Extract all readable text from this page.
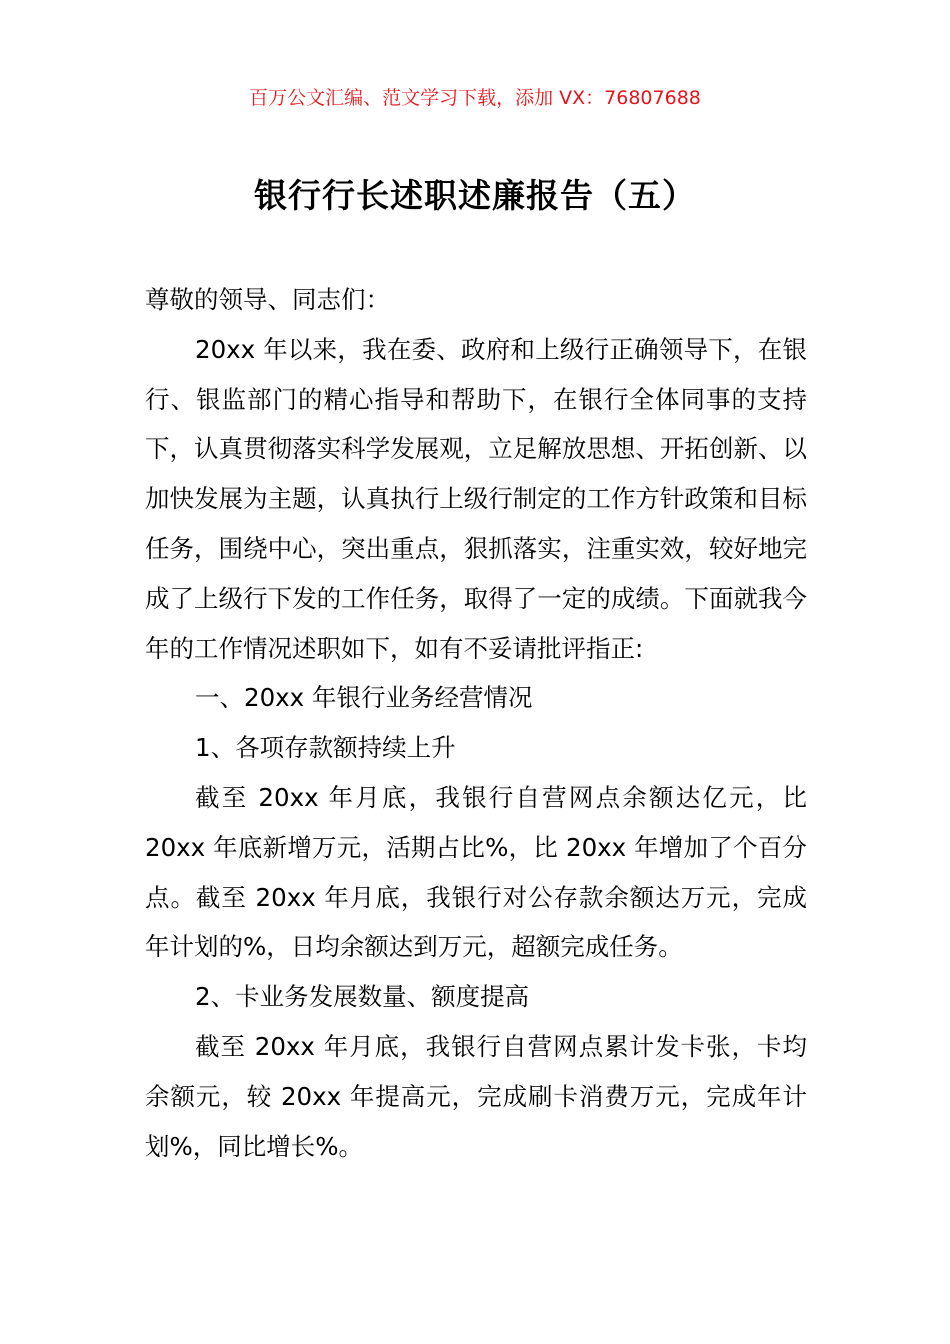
百万公文汇编、范文学习下载，添加 VX：76807688
银行行长述职述廉报告（五）

尊敬的领导、同志们：

20xx 年以来，我在委、政府和上级行正确领导下，在银行、银监部门的精心指导和帮助下，在银行全体同事的支持下，认真贯彻落实科学发展观，立足解放思想、开拓创新、以加快发展为主题，认真执行上级行制定的工作方针政策和目标任务，围绕中心，突出重点，狠抓落实，注重实效，较好地完成了上级行下发的工作任务，取得了一定的成绩。下面就我今年的工作情况述职如下，如有不妥请批评指正:

一、20xx 年银行业务经营情况

1、各项存款额持续上升

截至 20xx 年月底，我银行自营网点余额达亿元，比 20xx 年底新增万元，活期占比%，比 20xx 年增加了个百分点。截至 20xx 年月底，我银行对公存款余额达万元，完成年计划的%，日均余额达到万元，超额完成任务。

2、卡业务发展数量、额度提高

截至 20xx 年月底，我银行自营网点累计发卡张，卡均余额元，较 20xx 年提高元，完成刷卡消费万元，完成年计划%，同比增长%。
